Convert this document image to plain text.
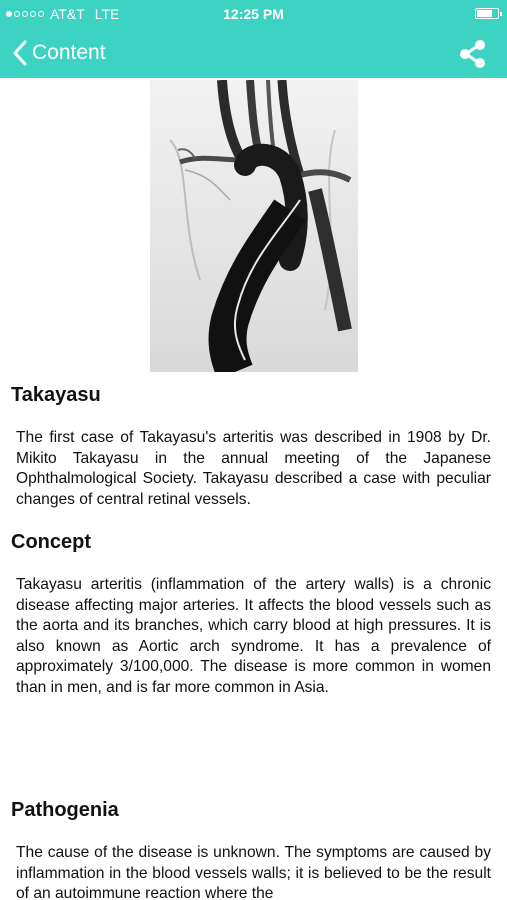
AT&T LTE	12:25 PM
Content
Takayasu

The first case of Takayasu's arteritis was described in 1908 by Dr. Mikito Takayasu in the annual meeting of the Japanese Ophthalmological Society. Takayasu described a case with peculiar changes of central retinal vessels.

Concept

Takayasu arteritis (inflammation of the artery walls) is a chronic disease affecting major arteries. It affects the blood vessels such as the aorta and its branches, which carry blood at high pressures. It is also known as Aortic arch syndrome. It has a prevalence of approximately 3/100,000. The disease is more common in women than in men, and is far more common in Asia.

Pathogenia

The cause of the disease is unknown. The symptoms are caused by inflammation in the blood vessels walls; it is believed to be the result of an autoimmune reaction where the
